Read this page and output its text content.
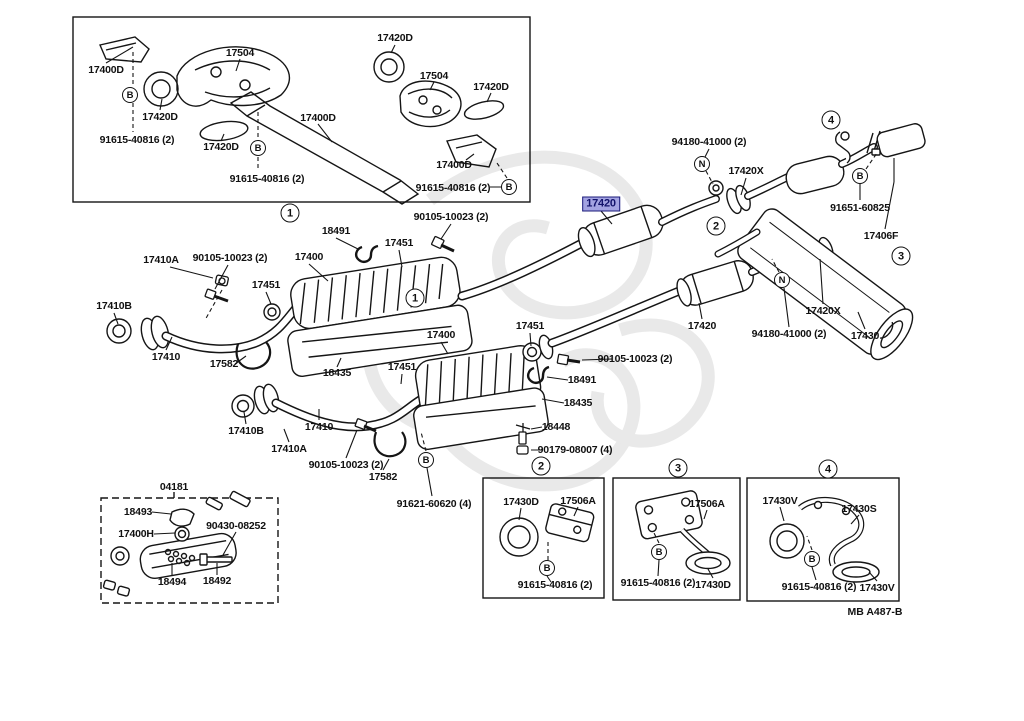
17400D
17504
17420D
91615-40816 (2)
17420D
17400D
91615-40816 (2)
17420D
17504
17420D
17400D
91615-40816 (2)
90105-10023 (2)
18491
17451
17410A 90105-10023 (2)	17400
17451
17410B
17410
17582
18435	17451
17420
17451
17400
90105-10023 (2)
18491
18435
18448
90179-08007 (4)
17410B	17410
17410A
90105-10023 (2)
17582
91621-60620 (4)
94180-41000 (2)
17420X
91651-60825
17406F
17420X
94180-41000 (2) 17430
17420
04181
18493
17400H
90430-08252
18494 18492
17430D 17506A
91615-40816 (2)
17506A
91615-40816 (2) 17430D
17430V
17430S
91615-40816 (2) 17430V
1
1
2
2
3
3
4
4
B
B
B
B
B
B
B
B
N
N
MB A487-B
